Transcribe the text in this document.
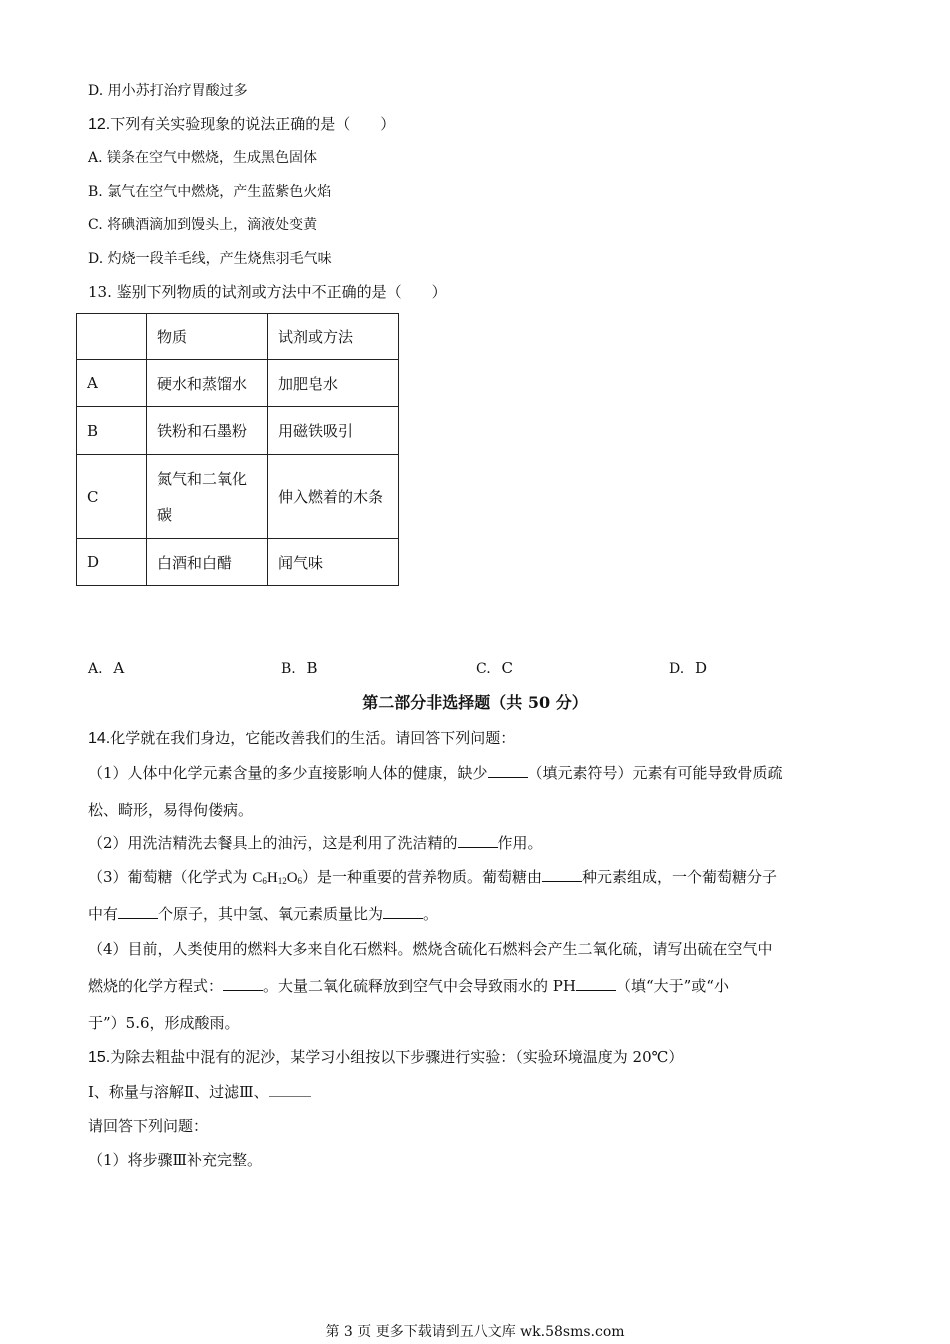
D. 用小苏打治疗胃酸过多
12.下列有关实验现象的说法正确的是（　　）
A. 镁条在空气中燃烧，生成黑色固体
B. 氯气在空气中燃烧，产生蓝紫色火焰
C. 将碘酒滴加到馒头上，滴液处变黄
D. 灼烧一段羊毛线，产生烧焦羽毛气味
13. 鉴别下列物质的试剂或方法中不正确的是（　　）
	物质	试剂或方法
A	硬水和蒸馏水	加肥皂水
B	铁粉和石墨粉	用磁铁吸引
C	氮气和二氧化碳	伸入燃着的木条
D	白酒和白醋	闻气味
A. A	B. B	C. C	D. D
第二部分非选择题（共 50 分）
14.化学就在我们身边，它能改善我们的生活。请回答下列问题：
（1）人体中化学元素含量的多少直接影响人体的健康，缺少	（填元素符号）元素有可能导致骨质疏
松、畸形，易得佝偻病。
（2）用洗洁精洗去餐具上的油污，这是利用了洗洁精的	作用。
（3）葡萄糖（化学式为 $C_6H_{12}O_6$）是一种重要的营养物质。葡萄糖由	种元素组成，一个葡萄糖分子
中有	个原子，其中氢、氧元素质量比为	。
（4）目前，人类使用的燃料大多来自化石燃料。燃烧含硫化石燃料会产生二氧化硫，请写出硫在空气中
燃烧的化学方程式：	。大量二氧化硫释放到空气中会导致雨水的 PH	（填“大于”或“小
于”）5.6，形成酸雨。
15.为除去粗盐中混有的泥沙，某学习小组按以下步骤进行实验：（实验环境温度为 20℃）
Ⅰ、称量与溶解Ⅱ、过滤Ⅲ、
请回答下列问题：
（1）将步骤Ⅲ补充完整。
第 3 页 更多下载请到五八文库 wk.58sms.com
